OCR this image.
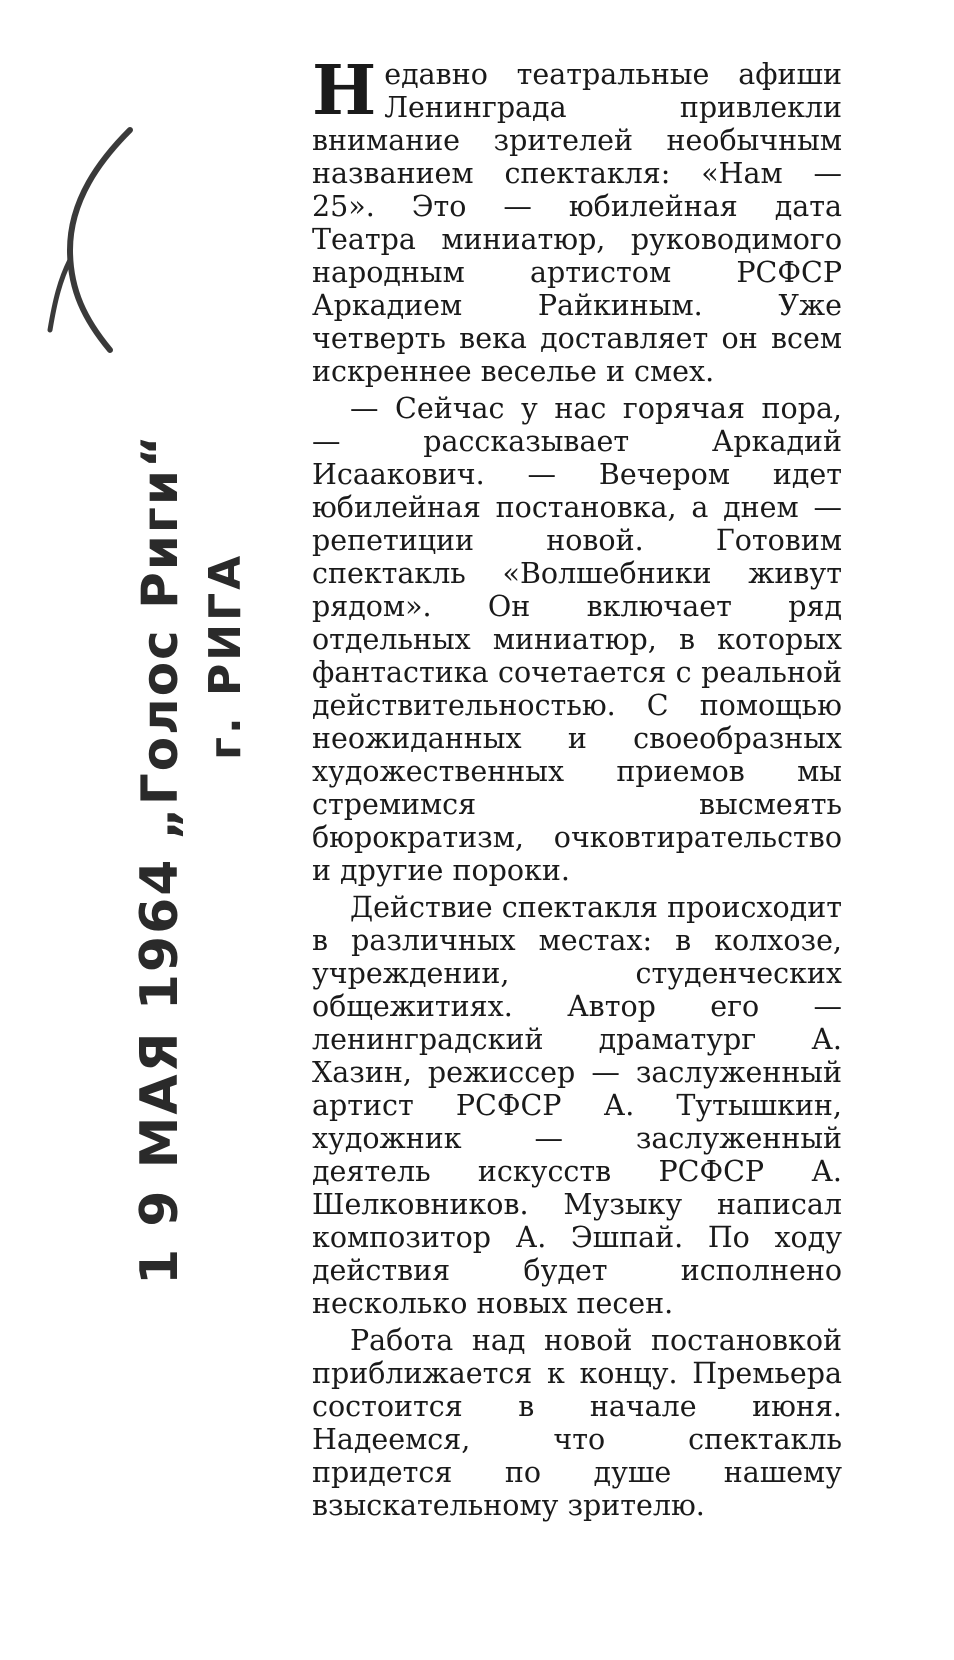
1 9 МАЯ 1964 „Голос Риги“ г. РИГА

Недавно театральные афиши Ленинграда привлекли внимание зрителей необычным названием спектакля: «Нам — 25». Это — юбилейная дата Театра миниатюр, руководимого народным артистом РСФСР Аркадием Райкиным. Уже четверть века доставляет он всем искреннее веселье и смех.

— Сейчас у нас горячая пора, — рассказывает Аркадий Исаакович. — Вечером идет юбилейная постановка, а днем — репетиции новой. Готовим спектакль «Волшебники живут рядом». Он включает ряд отдельных миниатюр, в которых фантастика сочетается с реальной действительностью. С помощью неожиданных и своеобразных художественных приемов мы стремимся высмеять бюрократизм, очковтирательство и другие пороки.

Действие спектакля происходит в различных местах: в колхозе, учреждении, студенческих общежитиях. Автор его — ленинградский драматург А. Хазин, режиссер — заслуженный артист РСФСР А. Тутышкин, художник — заслуженный деятель искусств РСФСР А. Шелковников. Музыку написал композитор А. Эшпай. По ходу действия будет исполнено несколько новых песен.

Работа над новой постановкой приближается к концу. Премьера состоится в начале июня. Надеемся, что спектакль придется по душе нашему взыскательному зрителю.
